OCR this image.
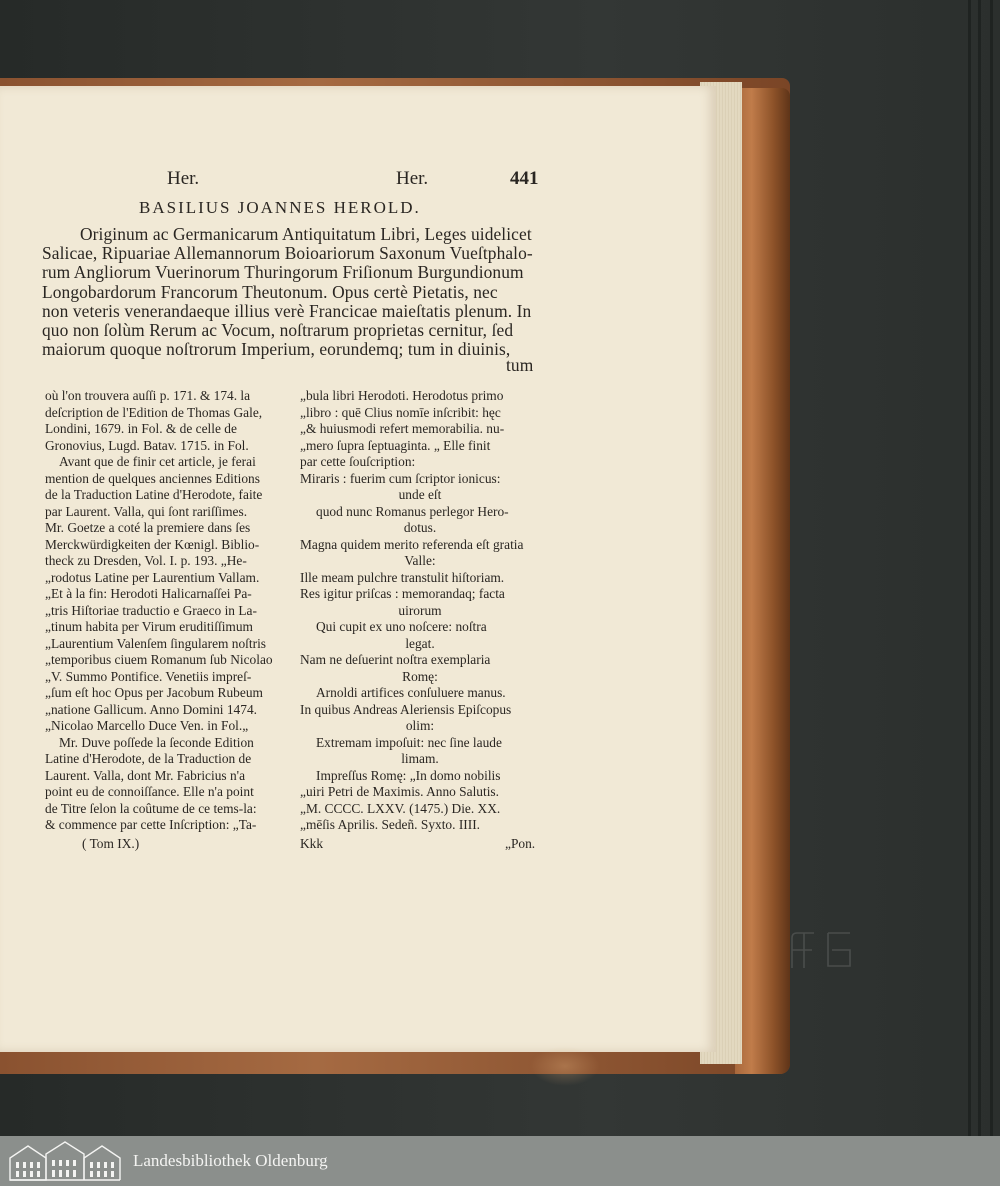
Her.	Her.	441
BASILIUS JOANNES HEROLD.
Originum ac Germanicarum Antiquitatum Libri, Leges uidelicet
Salicae, Ripuariae Allemannorum Boioariorum Saxonum Vueſtphalo-
rum Angliorum Vuerinorum Thuringorum Friſionum Burgundionum
Longobardorum Francorum Theutonum. Opus certè Pietatis, nec
non veteris venerandaeque illius verè Francicae maieſtatis plenum. In
quo non ſolùm Rerum ac Vocum, noſtrarum proprietas cernitur, ſed
maiorum quoque noſtrorum Imperium, eorundemq; tum in diuinis,
tum
où l'on trouvera auſſi p. 171. & 174. la
deſcription de l'Edition de Thomas Gale,
Londini, 1679. in Fol. & de celle de
Gronovius, Lugd. Batav. 1715. in Fol.
Avant que de finir cet article, je ferai
mention de quelques anciennes Editions
de la Traduction Latine d'Herodote, faite
par Laurent. Valla, qui ſont rariſſimes.
Mr. Goetze a coté la premiere dans ſes
Merckwürdigkeiten der Kœnigl. Biblio-
theck zu Dresden, Vol. I. p. 193. „He-
„rodotus Latine per Laurentium Vallam.
„Et à la fin: Herodoti Halicarnaſſei Pa-
„tris Hiſtoriae traductio e Graeco in La-
„tinum habita per Virum eruditiſſimum
„Laurentium Valenſem ſingularem noſtris
„temporibus ciuem Romanum ſub Nicolao
„V. Summo Pontifice. Venetiis impreſ-
„ſum eſt hoc Opus per Jacobum Rubeum
„natione Gallicum. Anno Domini 1474.
„Nicolao Marcello Duce Ven. in Fol.„
Mr. Duve poſſede la ſeconde Edition
Latine d'Herodote, de la Traduction de
Laurent. Valla, dont Mr. Fabricius n'a
point eu de connoiſſance. Elle n'a point
de Titre ſelon la coûtume de ce tems-la:
& commence par cette Inſcription: „Ta-
( Tom IX.)
„bula libri Herodoti. Herodotus primo
„libro : quē Clius nomīe inſcribit: hęc
„& huiusmodi refert memorabilia. nu-
„mero ſupra ſeptuaginta. „ Elle finit
par cette ſouſcription:
Miraris : fuerim cum ſcriptor ionicus:
unde eſt
quod nunc Romanus perlegor Hero-
dotus.
Magna quidem merito referenda eſt gratia
Valle:
Ille meam pulchre transtulit hiſtoriam.
Res igitur priſcas : memorandaq; facta
uirorum
Qui cupit ex uno noſcere: noſtra
legat.
Nam ne deſuerint noſtra exemplaria
Romę:
Arnoldi artifices conſuluere manus.
In quibus Andreas Aleriensis Epiſcopus
olim:
Extremam impoſuit: nec ſine laude
limam.
Impreſſus Romę: „In domo nobilis
„uiri Petri de Maximis. Anno Salutis.
„M. CCCC. LXXV. (1475.) Die. XX.
„mēſis Aprilis. Sedeñ. Syxto. IIII.
Kkk	„Pon.
Landesbibliothek Oldenburg
